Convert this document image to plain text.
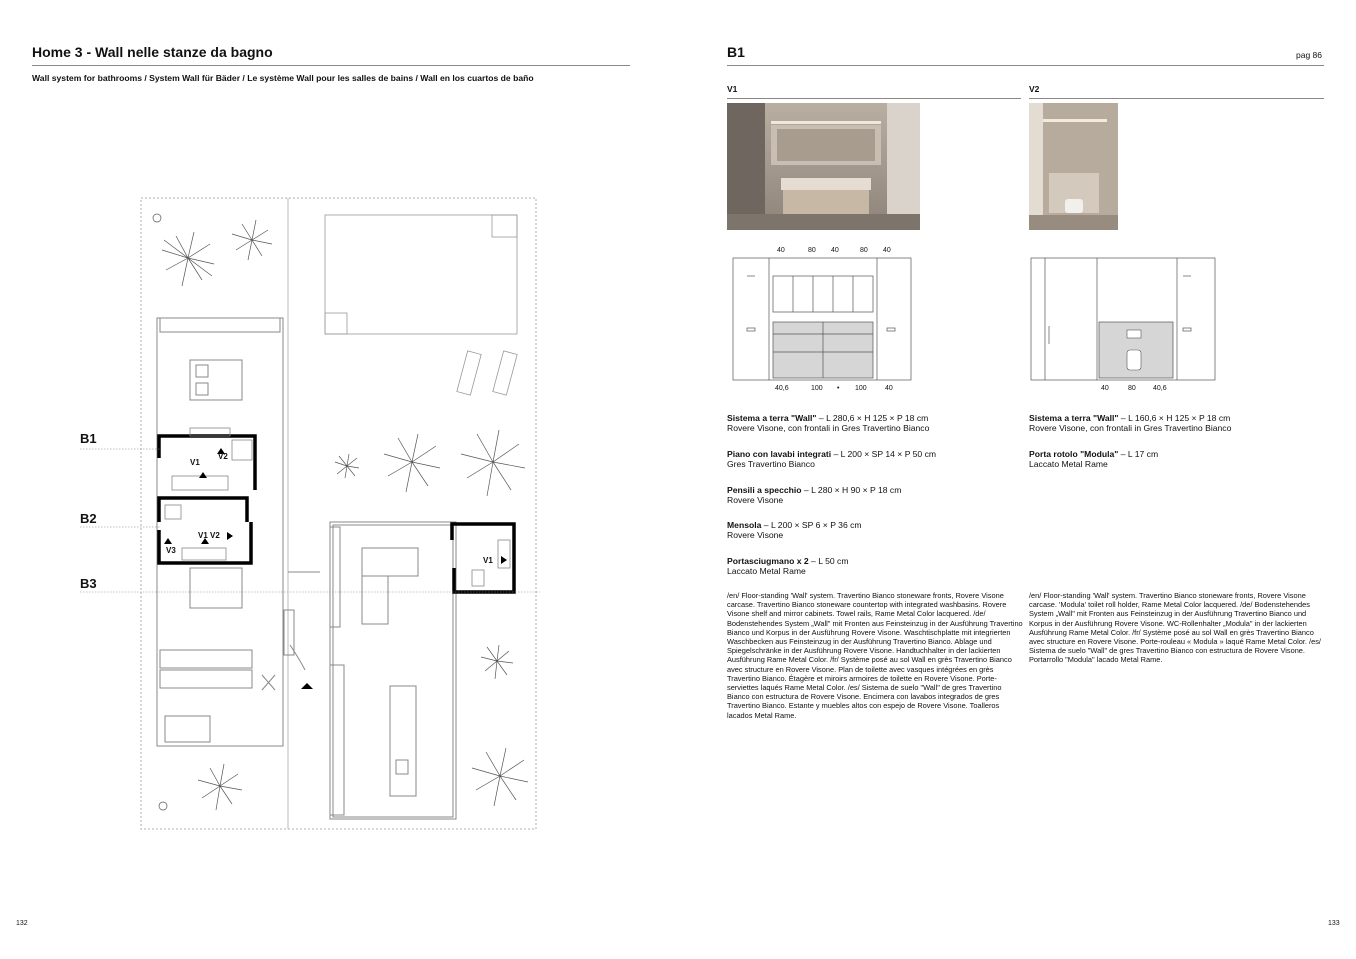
Home 3 - Wall nelle stanze da bagno
Wall system for bathrooms / System Wall für Bäder / Le système Wall pour les salles de bains / Wall en los cuartos de baño
B1
B2
B3
V1
V2
V1 V2
V3
V1
132
B1	pag 86
V1
40	80 40	80 40
40,6	100 • 100	40
Sistema a terra "Wall" – L 280,6 × H 125 × P 18 cm
Rovere Visone, con frontali in Gres Travertino Bianco
Piano con lavabi integrati – L 200 × SP 14 × P 50 cm
Gres Travertino Bianco
Pensili a specchio – L 280 × H 90 × P 18 cm
Rovere Visone
Mensola – L 200 × SP 6 × P 36 cm
Rovere Visone
Portasciugmano x 2 – L 50 cm
Laccato Metal Rame
/en/ Floor-standing 'Wall' system. Travertino Bianco stoneware fronts, Rovere Visone carcase. Travertino Bianco stoneware countertop with integrated washbasins. Rovere Visone shelf and mirror cabinets. Towel rails, Rame Metal Color lacquered. /de/ Bodenstehendes System „Wall" mit Fronten aus Feinsteinzug in der Ausführung Travertino Bianco und Korpus in der Ausführung Rovere Visone. Waschtischplatte mit integrierten Waschbecken aus Feinsteinzug in der Ausführung Travertino Bianco. Ablage und Spiegelschränke in der Ausführung Rovere Visone. Handtuchhalter in der lackierten Ausführung Rame Metal Color. /fr/ Système posé au sol Wall en grès Travertino Bianco avec structure en Rovere Visone. Plan de toilette avec vasques intégrées en grès Travertino Bianco. Étagère et miroirs armoires de toilette en Rovere Visone. Porte-serviettes laqués Rame Metal Color. /es/ Sistema de suelo "Wall" de gres Travertino Bianco con estructura de Rovere Visone. Encimera con lavabos integrados de gres Travertino Bianco. Estante y muebles altos con espejo de Rovere Visone. Toalleros lacados Metal Rame.
V2
40	80 40,6
Sistema a terra "Wall" – L 160,6 × H 125 × P 18 cm
Rovere Visone, con frontali in Gres Travertino Bianco
Porta rotolo "Modula" – L 17 cm
Laccato Metal Rame
/en/ Floor-standing 'Wall' system. Travertino Bianco stoneware fronts, Rovere Visone carcase. 'Modula' toilet roll holder, Rame Metal Color lacquered. /de/ Bodenstehendes System „Wall" mit Fronten aus Feinsteinzug in der Ausführung Travertino Bianco und Korpus in der Ausführung Rovere Visone. WC-Rollenhalter „Modula" in der lackierten Ausführung Rame Metal Color. /fr/ Système posé au sol Wall en grès Travertino Bianco avec structure en Rovere Visone. Porte-rouleau « Modula » laqué Rame Metal Color. /es/ Sistema de suelo "Wall" de gres Travertino Bianco con estructura de Rovere Visone. Portarrollo "Modula" lacado Metal Rame.
133
